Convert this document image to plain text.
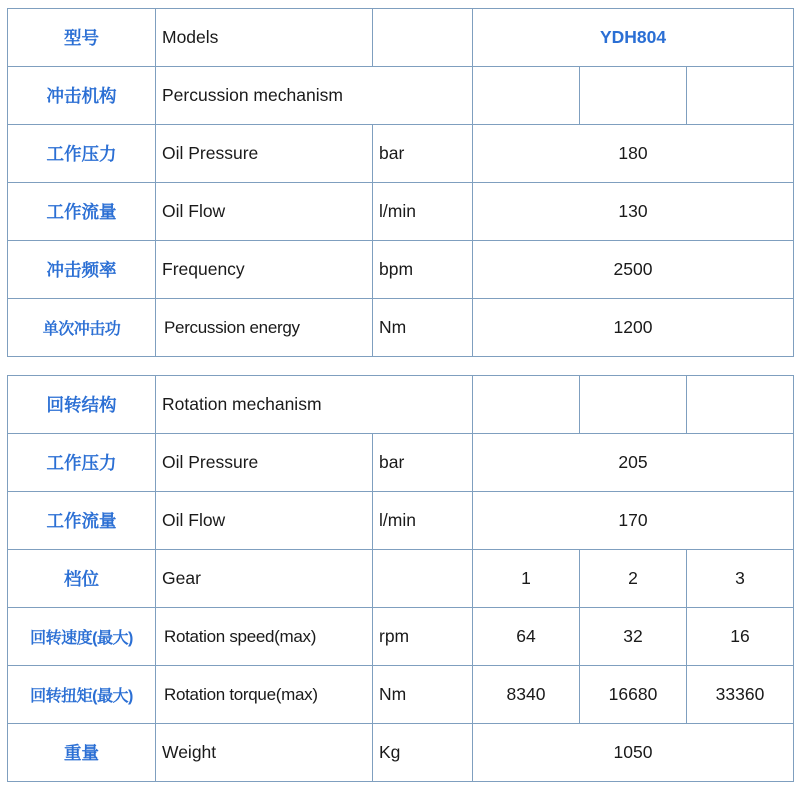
型号	Models		YDH804		
冲击机构	Percussion mechanism				
工作压力	Oil Pressure	bar	180		
工作流量	Oil Flow	l/min	130		
冲击频率	Frequency	bpm	2500		
单次冲击功	Percussion energy	Nm	1200		

回转结构	Rotation mechanism				
工作压力	Oil Pressure	bar	205		
工作流量	Oil Flow	l/min	170		
档位	Gear		1	2	3
回转速度(最大)	Rotation speed(max)	rpm	64	32	16
回转扭矩(最大)	Rotation torque(max)	Nm	8340	16680	33360
重量	Weight	Kg	1050		
